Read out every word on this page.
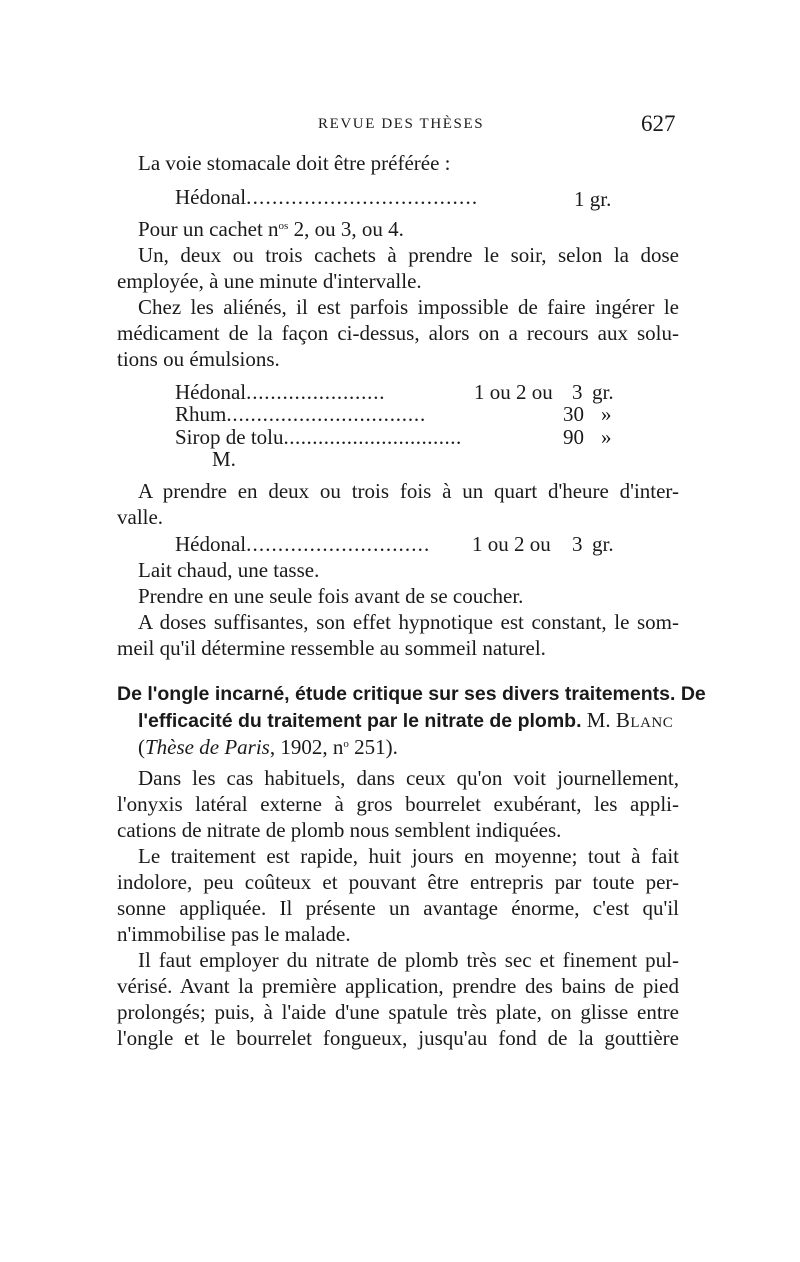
REVUE DES THÈSES	627
La voie stomacale doit être préférée :
Hédonal....................................	1 gr.
Pour un cachet $n^{os}$ 2, ou 3, ou 4.
Un, deux ou trois cachets à prendre le soir, selon la dose
employée, à une minute d'intervalle.
Chez les aliénés, il est parfois impossible de faire ingérer le
médicament de la façon ci-dessus, alors on a recours aux solu-
tions ou émulsions.
Hédonal.......................	1 ou 2 ou 3 gr.
Rhum.................................	30 »
Sirop de tolu...............................	90 »
M.
A prendre en deux ou trois fois à un quart d'heure d'inter-
valle.
Hédonal............................. 1 ou 2 ou 3 gr.
Lait chaud, une tasse.
Prendre en une seule fois avant de se coucher.
A doses suffisantes, son effet hypnotique est constant, le som-
meil qu'il détermine ressemble au sommeil naturel.
De l'ongle incarné, étude critique sur ses divers traitements. De
l'efficacité du traitement par le nitrate de plomb. M. Blanc
(Thèse de Paris, 1902, $n^o$ 251).
Dans les cas habituels, dans ceux qu'on voit journellement,
l'onyxis latéral externe à gros bourrelet exubérant, les appli-
cations de nitrate de plomb nous semblent indiquées.
Le traitement est rapide, huit jours en moyenne; tout à fait
indolore, peu coûteux et pouvant être entrepris par toute per-
sonne appliquée. Il présente un avantage énorme, c'est qu'il
n'immobilise pas le malade.
Il faut employer du nitrate de plomb très sec et finement pul-
vérisé. Avant la première application, prendre des bains de pied
prolongés; puis, à l'aide d'une spatule très plate, on glisse entre
l'ongle et le bourrelet fongueux, jusqu'au fond de la gouttière
